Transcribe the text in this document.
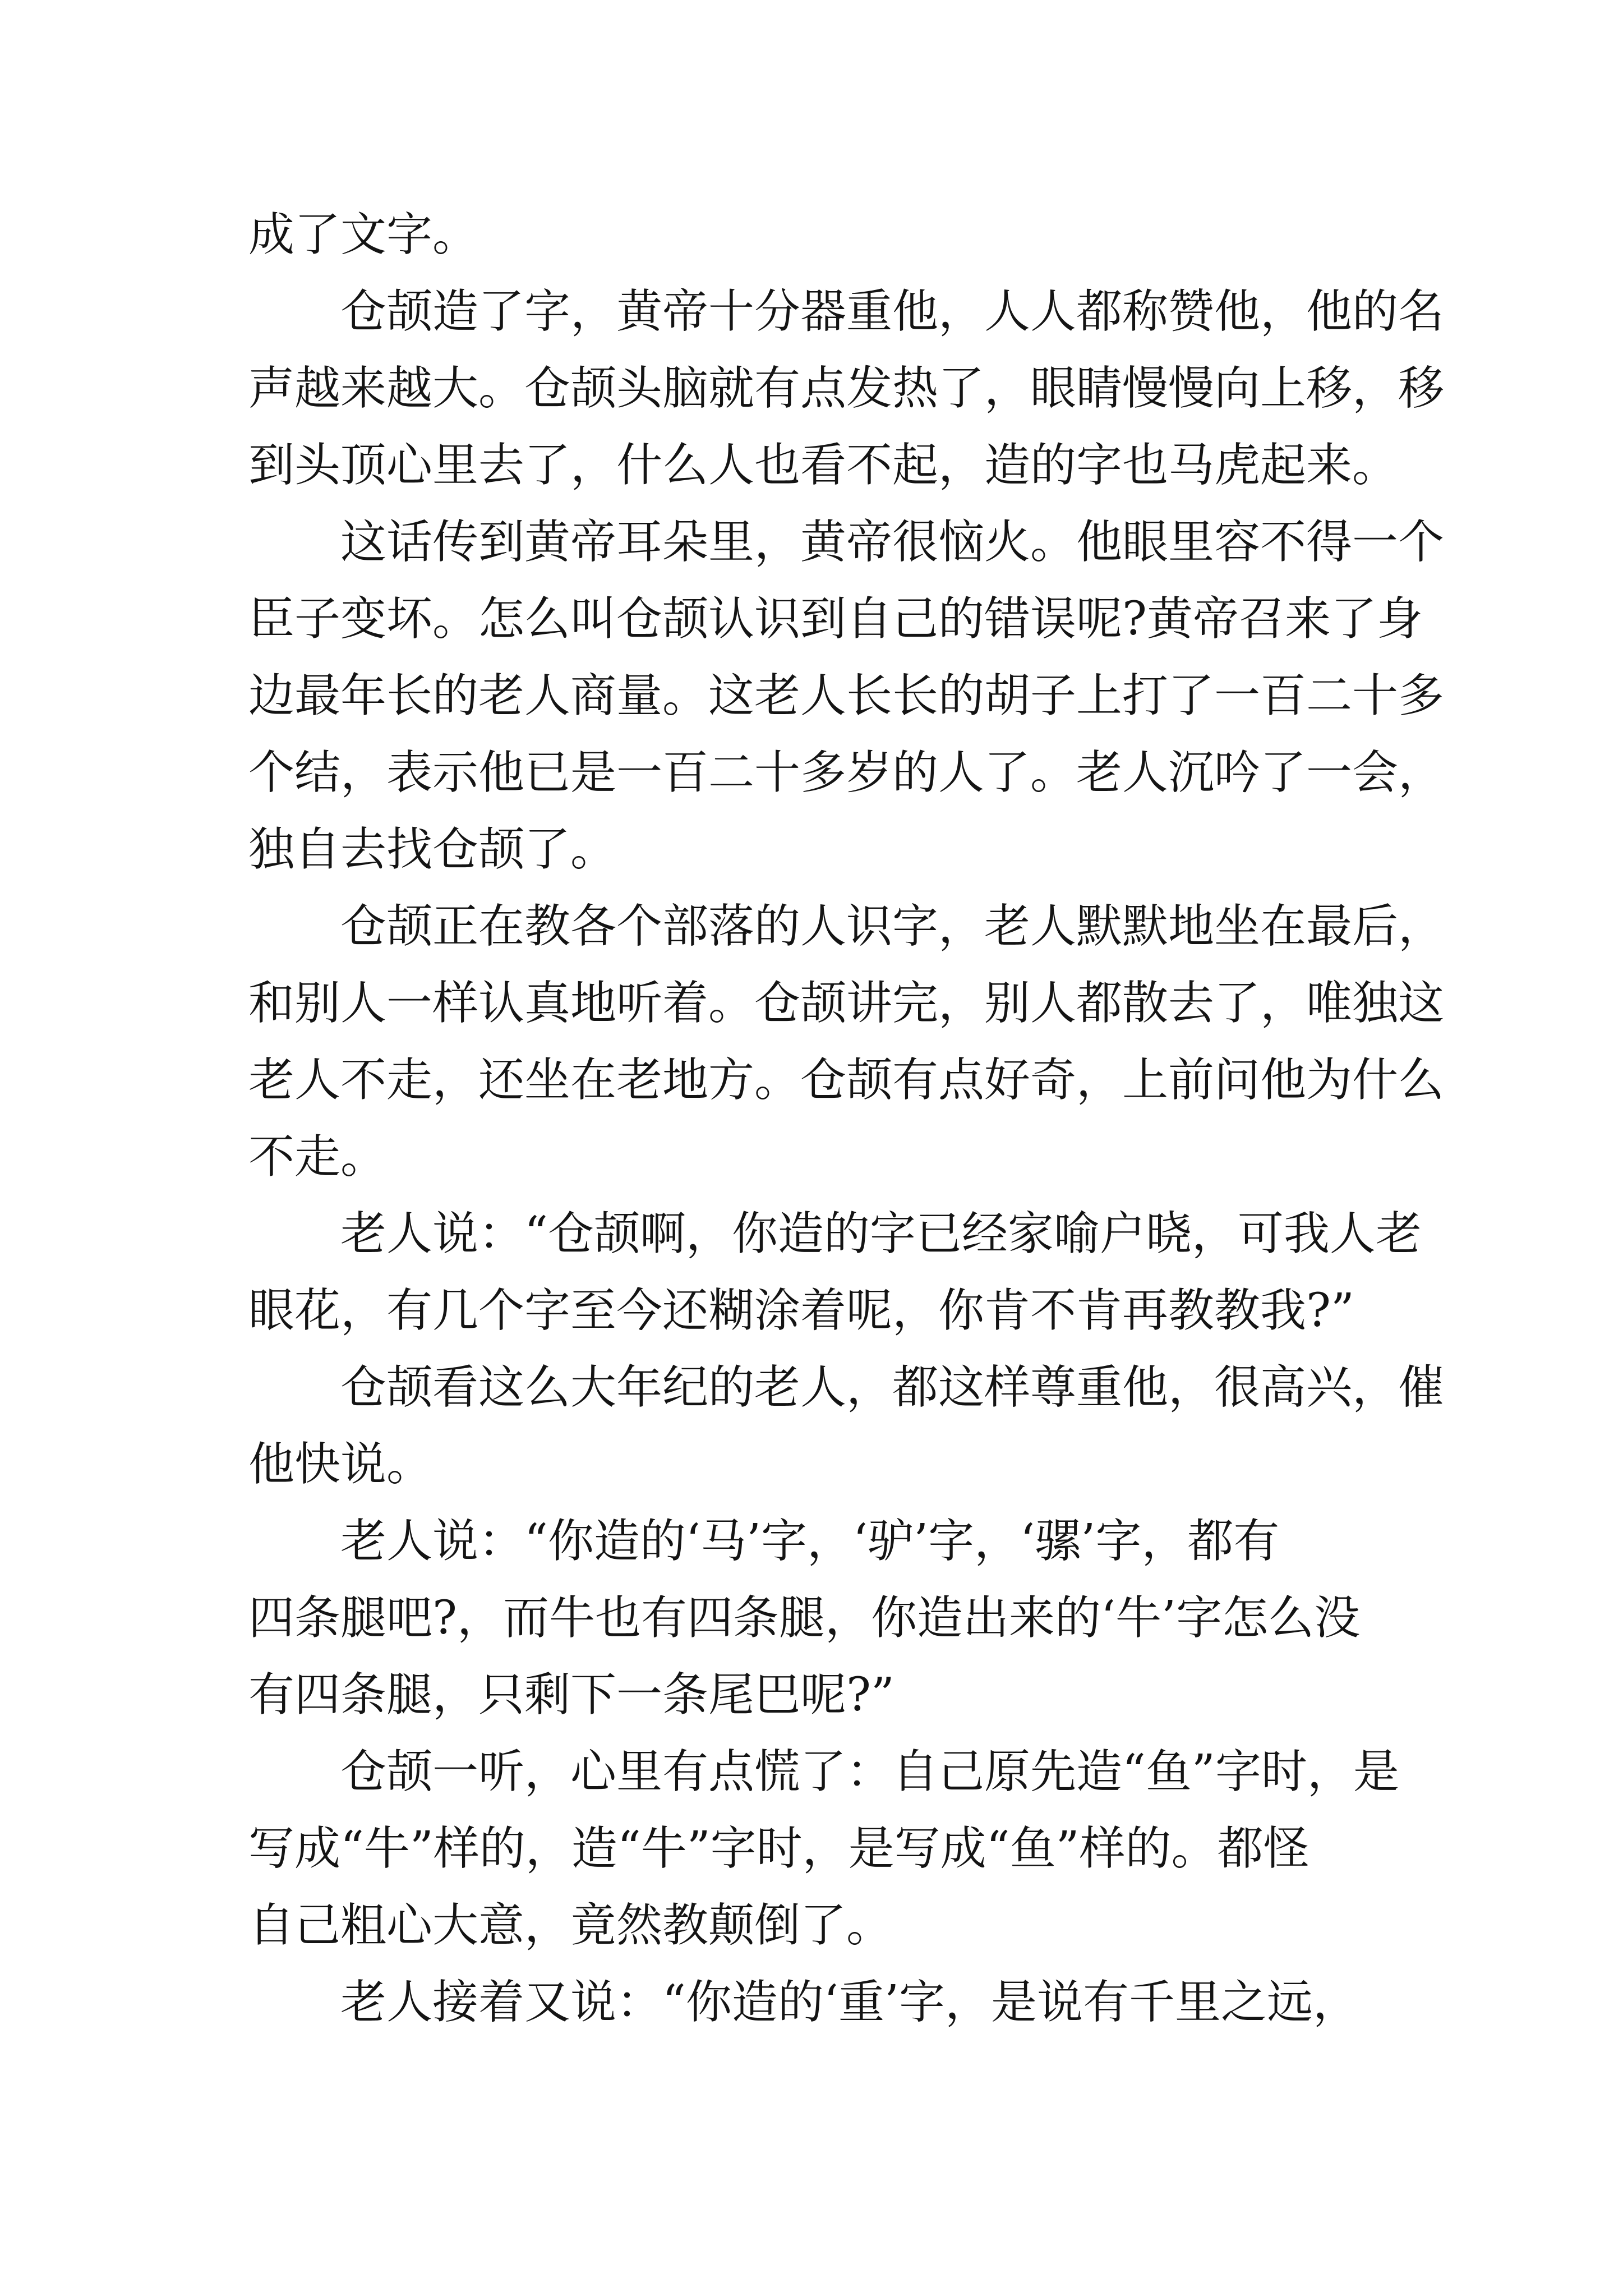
成了文字。
仓颉造了字，黄帝十分器重他，人人都称赞他，他的名
声越来越大。仓颉头脑就有点发热了，眼睛慢慢向上移，移
到头顶心里去了，什么人也看不起，造的字也马虎起来。
这话传到黄帝耳朵里，黄帝很恼火。他眼里容不得一个
臣子变坏。怎么叫仓颉认识到自己的错误呢?黄帝召来了身
边最年长的老人商量。这老人长长的胡子上打了一百二十多
个结，表示他已是一百二十多岁的人了。老人沉吟了一会，
独自去找仓颉了。
仓颉正在教各个部落的人识字，老人默默地坐在最后，
和别人一样认真地听着。仓颉讲完，别人都散去了，唯独这
老人不走，还坐在老地方。仓颉有点好奇，上前问他为什么
不走。
老人说：“仓颉啊，你造的字已经家喻户晓，可我人老
眼花，有几个字至今还糊涂着呢，你肯不肯再教教我?”
仓颉看这么大年纪的老人，都这样尊重他，很高兴，催
他快说。
老人说：“你造的‘马’字，‘驴’字，‘骡’字，都有
四条腿吧?，而牛也有四条腿，你造出来的‘牛’字怎么没
有四条腿，只剩下一条尾巴呢?”
仓颉一听，心里有点慌了：自己原先造“鱼”字时，是
写成“牛”样的，造“牛”字时，是写成“鱼”样的。都怪
自己粗心大意，竟然教颠倒了。
老人接着又说：“你造的‘重’字，是说有千里之远，
